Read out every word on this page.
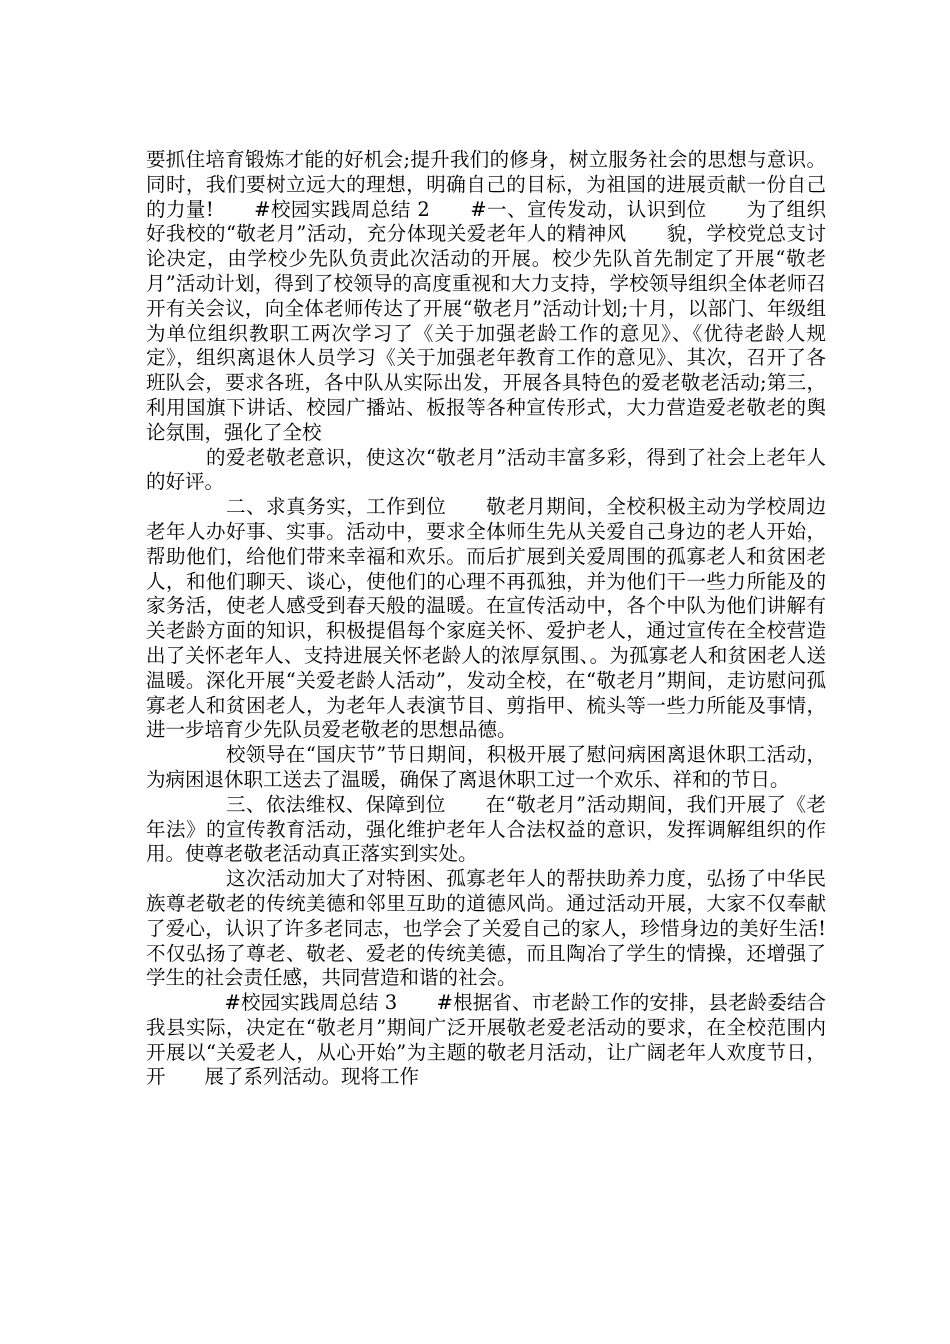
要抓住培育锻炼才能的好机会;提升我们的修身，树立服务社会的思想与意识。同时，我们要树立远大的理想，明确自己的目标，为祖国的进展贡献一份自己的力量!　　#校园实践周总结 2　　#一、宣传发动，认识到位　　为了组织好我校的“敬老月”活动，充分体现关爱老年人的精神风　　貌，学校党总支讨论决定，由学校少先队负责此次活动的开展。校少先队首先制定了开展“敬老月”活动计划，得到了校领导的高度重视和大力支持，学校领导组织全体老师召开有关会议，向全体老师传达了开展“敬老月”活动计划;十月，以部门、年级组为单位组织教职工两次学习了《关于加强老龄工作的意见》、《优待老龄人规定》，组织离退休人员学习《关于加强老年教育工作的意见》、其次，召开了各班队会，要求各班，各中队从实际出发，开展各具特色的爱老敬老活动;第三，利用国旗下讲话、校园广播站、板报等各种宣传形式，大力营造爱老敬老的舆论氛围，强化了全校

　　　的爱老敬老意识，使这次“敬老月”活动丰富多彩，得到了社会上老年人的好评。

　　　　二、求真务实，工作到位　　敬老月期间，全校积极主动为学校周边老年人办好事、实事。活动中，要求全体师生先从关爱自己身边的老人开始，帮助他们，给他们带来幸福和欢乐。而后扩展到关爱周围的孤寡老人和贫困老人，和他们聊天、谈心，使他们的心理不再孤独，并为他们干一些力所能及的家务活，使老人感受到春天般的温暖。在宣传活动中，各个中队为他们讲解有关老龄方面的知识，积极提倡每个家庭关怀、爱护老人，通过宣传在全校营造出了关怀老年人、支持进展关怀老龄人的浓厚氛围、。为孤寡老人和贫困老人送温暖。深化开展“关爱老龄人活动”，发动全校，在“敬老月”期间，走访慰问孤寡老人和贫困老人，为老年人表演节目、剪指甲、梳头等一些力所能及事情，进一步培育少先队员爱老敬老的思想品德。

　　　　校领导在“国庆节”节日期间，积极开展了慰问病困离退休职工活动，为病困退休职工送去了温暖，确保了离退休职工过一个欢乐、祥和的节日。

　　　　三、依法维权、保障到位　　在“敬老月”活动期间，我们开展了《老年法》的宣传教育活动，强化维护老年人合法权益的意识，发挥调解组织的作用。使尊老敬老活动真正落实到实处。

　　　　这次活动加大了对特困、孤寡老年人的帮扶助养力度，弘扬了中华民族尊老敬老的传统美德和邻里互助的道德风尚。通过活动开展，大家不仅奉献了爱心，认识了许多老同志，也学会了关爱自己的家人，珍惜身边的美好生活!不仅弘扬了尊老、敬老、爱老的传统美德，而且陶冶了学生的情操，还增强了学生的社会责任感，共同营造和谐的社会。

　　　　#校园实践周总结 3　　#根据省、市老龄工作的安排，县老龄委结合我县实际，决定在“敬老月”期间广泛开展敬老爱老活动的要求，在全校范围内开展以“关爱老人，从心开始”为主题的敬老月活动，让广阔老年人欢度节日，开　　展了系列活动。现将工作
